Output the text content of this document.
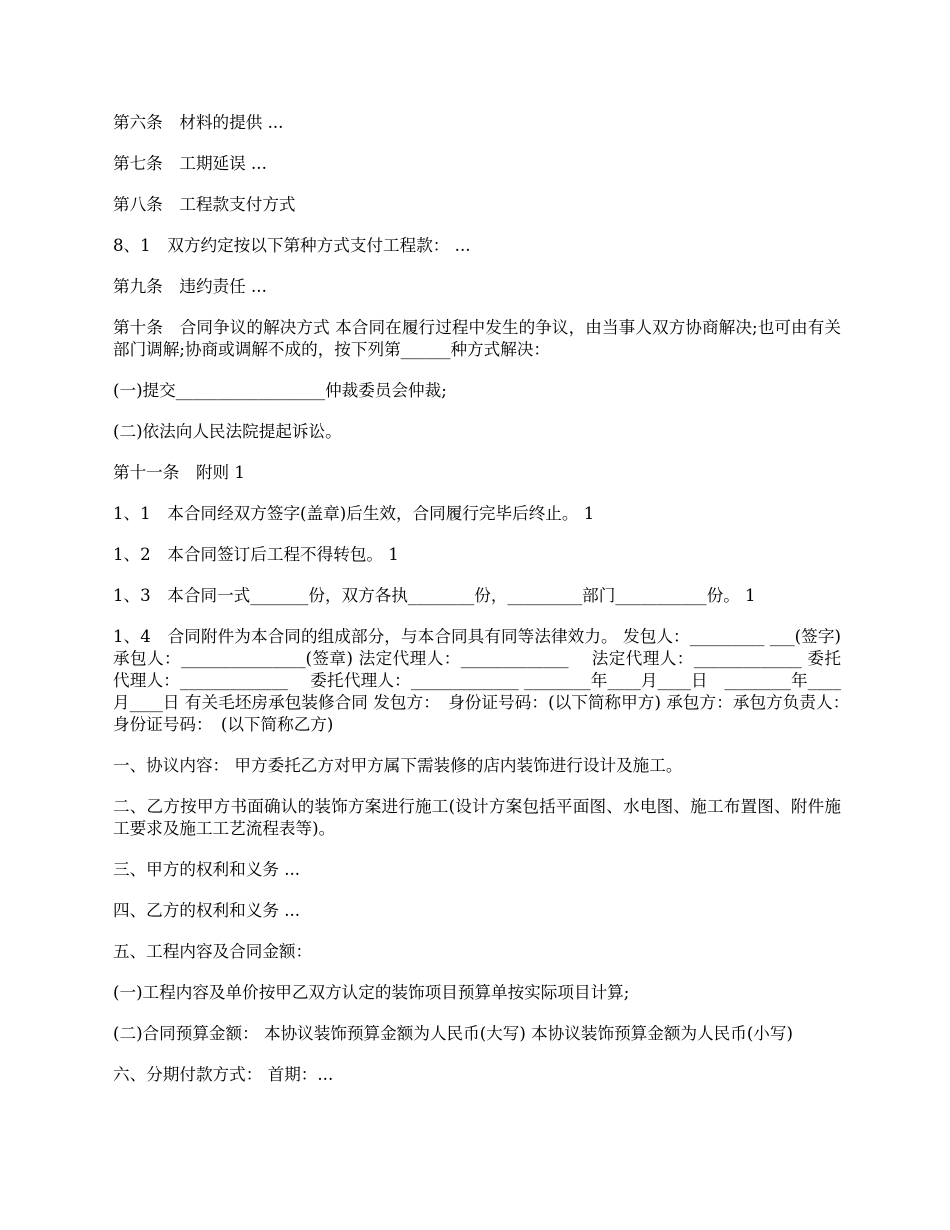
第六条　材料的提供 ...

第七条　工期延误 ...

第八条　工程款支付方式

8、1　双方约定按以下第种方式支付工程款： ...

第九条　违约责任 ...

第十条　合同争议的解决方式 本合同在履行过程中发生的争议，由当事人双方协商解决;也可由有关部门调解;协商或调解不成的，按下列第______种方式解决：

(一)提交__________________仲裁委员会仲裁;

(二)依法向人民法院提起诉讼。

第十一条　附则 1

1、1　本合同经双方签字(盖章)后生效，合同履行完毕后终止。 1

1、2　本合同签订后工程不得转包。 1

1、3　本合同一式_______份，双方各执________份，_________部门___________份。 1

1、4　合同附件为本合同的组成部分，与本合同具有同等法律效力。 发包人：_________ ___(签字)　承包人：_______________(签章) 法定代理人：_____________　 法定代理人：_____________ 委托代理人：_____________　 委托代理人：_____________ ________年____月____日　________年____月____日 有关毛坯房承包装修合同 发包方：　身份证号码：(以下简称甲方) 承包方：承包方负责人：　身份证号码：　(以下简称乙方)

一、协议内容： 甲方委托乙方对甲方属下需装修的店内装饰进行设计及施工。

二、乙方按甲方书面确认的装饰方案进行施工(设计方案包括平面图、水电图、施工布置图、附件施工要求及施工工艺流程表等)。

三、甲方的权利和义务 ...

四、乙方的权利和义务 ...

五、工程内容及合同金额：

(一)工程内容及单价按甲乙双方认定的装饰项目预算单按实际项目计算;

(二)合同预算金额： 本协议装饰预算金额为人民币(大写) 本协议装饰预算金额为人民币(小写)

六、分期付款方式： 首期：...
